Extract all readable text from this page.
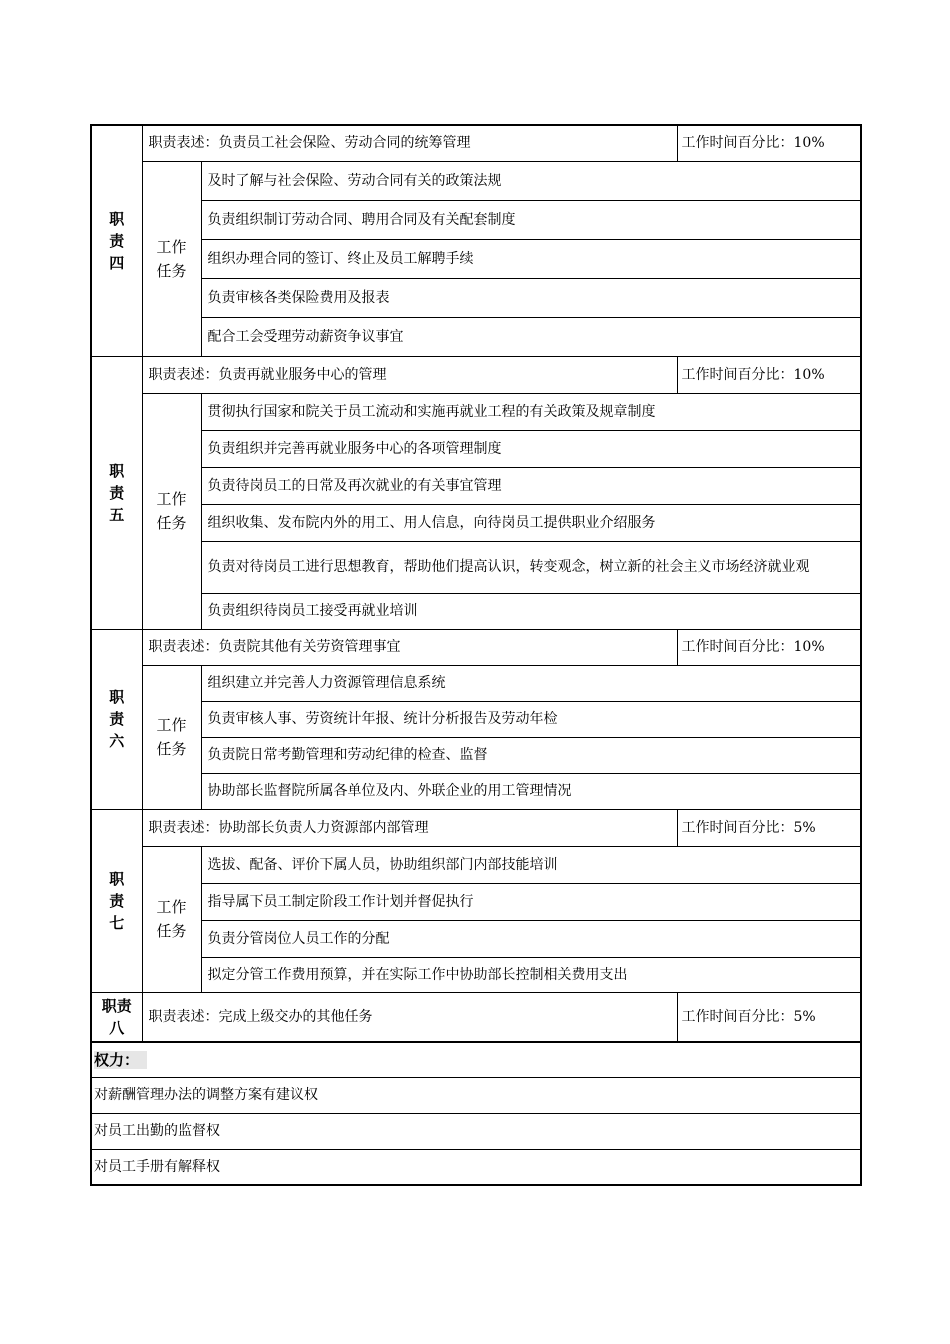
职
责
四	职责表述：负责员工社会保险、劳动合同的统筹管理		工作时间百分比：10%

	工作
任务	及时了解与社会保险、劳动合同有关的政策法规	
		负责组织制订劳动合同、聘用合同及有关配套制度	
		组织办理合同的签订、终止及员工解聘手续	
		负责审核各类保险费用及报表	
		配合工会受理劳动薪资争议事宜	

职
责
五	职责表述：负责再就业服务中心的管理		工作时间百分比：10%

	工作
任务	贯彻执行国家和院关于员工流动和实施再就业工程的有关政策及规章制度	
		负责组织并完善再就业服务中心的各项管理制度	
		负责待岗员工的日常及再次就业的有关事宜管理	
		组织收集、发布院内外的用工、用人信息，向待岗员工提供职业介绍服务	
		负责对待岗员工进行思想教育，帮助他们提高认识，转变观念，树立新的社会主义市场经济就业观	
		负责组织待岗员工接受再就业培训	

职
责
六	职责表述：负责院其他有关劳资管理事宜		工作时间百分比：10%

	工作
任务	组织建立并完善人力资源管理信息系统	
		负责审核人事、劳资统计年报、统计分析报告及劳动年检	
		负责院日常考勤管理和劳动纪律的检查、监督	
		协助部长监督院所属各单位及内、外联企业的用工管理情况	

职
责
七	职责表述：协助部长负责人力资源部内部管理		工作时间百分比：5%

	工作
任务	选拔、配备、评价下属人员，协助组织部门内部技能培训	
		指导属下员工制定阶段工作计划并督促执行	
		负责分管岗位人员工作的分配	
		拟定分管工作费用预算，并在实际工作中协助部长控制相关费用支出	

职责
八	职责表述：完成上级交办的其他任务		工作时间百分比：5%
权力：			
对薪酬管理办法的调整方案有建议权			
对员工出勤的监督权			
对员工手册有解释权			
